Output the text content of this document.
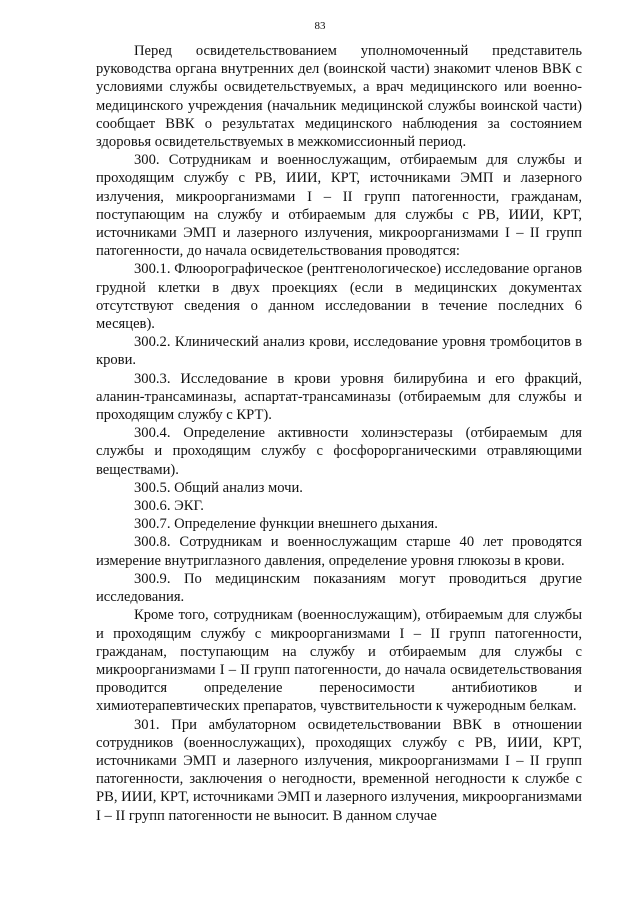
83

Перед освидетельствованием уполномоченный представитель руководства органа внутренних дел (воинской части) знакомит членов ВВК с условиями службы освидетельствуемых, а врач медицинского или военно-медицинского учреждения (начальник медицинской службы воинской части) сообщает ВВК о результатах медицинского наблюдения за состоянием здоровья освидетельствуемых в межкомиссионный период.

300. Сотрудникам и военнослужащим, отбираемым для службы и проходящим службу с РВ, ИИИ, КРТ, источниками ЭМП и лазерного излучения, микроорганизмами I – II групп патогенности, гражданам, поступающим на службу и отбираемым для службы с РВ, ИИИ, КРТ, источниками ЭМП и лазерного излучения, микроорганизмами I – II групп патогенности, до начала освидетельствования проводятся:

300.1. Флюорографическое (рентгенологическое) исследование органов грудной клетки в двух проекциях (если в медицинских документах отсутствуют сведения о данном исследовании в течение последних 6 месяцев).

300.2. Клинический анализ крови, исследование уровня тромбоцитов в крови.

300.3. Исследование в крови уровня билирубина и его фракций, аланин-трансаминазы, аспартат-трансаминазы (отбираемым для службы и проходящим службу с КРТ).

300.4. Определение активности холинэстеразы (отбираемым для службы и проходящим службу с фосфорорганическими отравляющими веществами).

300.5. Общий анализ мочи.

300.6. ЭКГ.

300.7. Определение функции внешнего дыхания.

300.8. Сотрудникам и военнослужащим старше 40 лет проводятся измерение внутриглазного давления, определение уровня глюкозы в крови.

300.9. По медицинским показаниям могут проводиться другие исследования.

Кроме того, сотрудникам (военнослужащим), отбираемым для службы и проходящим службу с микроорганизмами I – II групп патогенности, гражданам, поступающим на службу и отбираемым для службы с микроорганизмами I – II групп патогенности, до начала освидетельствования проводится определение переносимости антибиотиков и химиотерапевтических препаратов, чувствительности к чужеродным белкам.

301. При амбулаторном освидетельствовании ВВК в отношении сотрудников (военнослужащих), проходящих службу с РВ, ИИИ, КРТ, источниками ЭМП и лазерного излучения, микроорганизмами I – II групп патогенности, заключения о негодности, временной негодности к службе с РВ, ИИИ, КРТ, источниками ЭМП и лазерного излучения, микроорганизмами I – II групп патогенности не выносит. В данном случае
